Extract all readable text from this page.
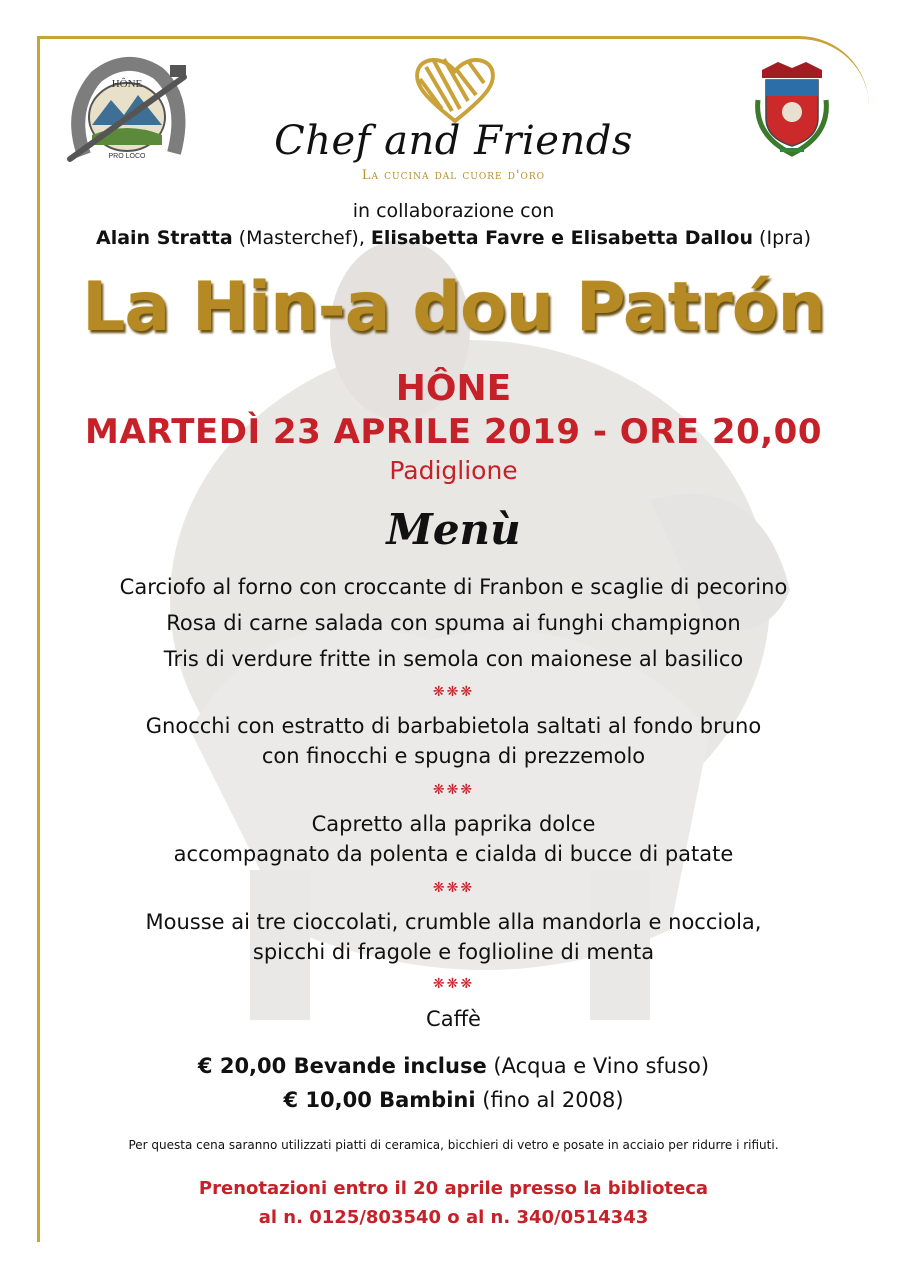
HÔNE
PRO LOCO	Chef and Friends
La cucina dal cuore d'oro
in collaborazione con
Alain Stratta (Masterchef), Elisabetta Favre e Elisabetta Dallou (Ipra)
La Hin-a dou Patrón
HÔNE
MARTEDÌ 23 APRILE 2019 - ORE 20,00
Padiglione
Menù
Carciofo al forno con croccante di Franbon e scaglie di pecorino
Rosa di carne salada con spuma ai funghi champignon
Tris di verdure fritte in semola con maionese al basilico
❋❋❋
Gnocchi con estratto di barbabietola saltati al fondo bruno
con finocchi e spugna di prezzemolo
❋❋❋
Capretto alla paprika dolce
accompagnato da polenta e cialda di bucce di patate
❋❋❋
Mousse ai tre cioccolati, crumble alla mandorla e nocciola,
spicchi di fragole e foglioline di menta
❋❋❋
Caffè
€ 20,00 Bevande incluse (Acqua e Vino sfuso)
€ 10,00 Bambini (fino al 2008)
Per questa cena saranno utilizzati piatti di ceramica, bicchieri di vetro e posate in acciaio per ridurre i rifiuti.
Prenotazioni entro il 20 aprile presso la biblioteca
al n. 0125/803540 o al n. 340/0514343
